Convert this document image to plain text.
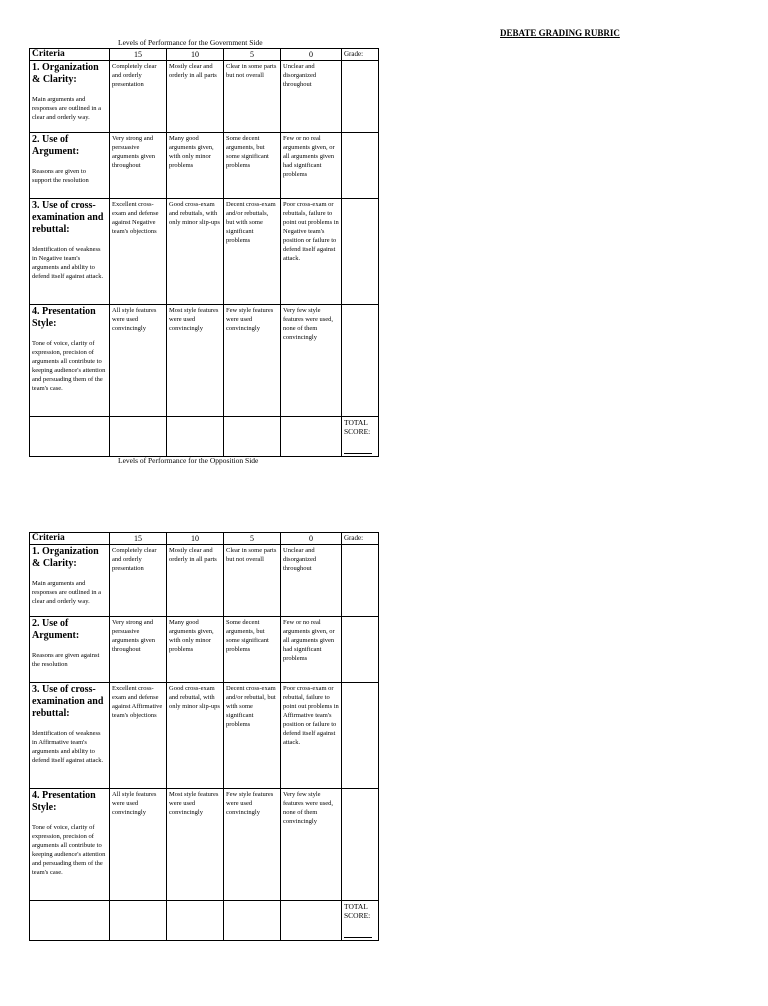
DEBATE GRADING RUBRIC
Levels of Performance for the Government Side
Criteria	15	10	5	0	Grade:

1. Organization & Clarity:
Main arguments and responses are outlined in a clear and orderly way.	Completely clear and orderly presentation	Mostly clear and orderly in all parts	Clear in some parts but not overall	Unclear and disorganized throughout	

2. Use of Argument:
Reasons are given to support the resolution	Very strong and persuasive arguments given throughout	Many good arguments given, with only minor problems	Some decent arguments, but some significant problems	Few or no real arguments given, or all arguments given had significant problems	

3. Use of cross-examination and rebuttal:
Identification of weakness in Negative team's arguments and ability to defend itself against attack.	Excellent cross-exam and defense against Negative team's objections	Good cross-exam and rebuttals, with only minor slip-ups	Decent cross-exam and/or rebuttals, but with some significant problems	Poor cross-exam or rebuttals, failure to point out problems in Negative team's position or failure to defend itself against attack.	

4. Presentation Style:
Tone of voice, clarity of expression, precision of arguments all contribute to keeping audience's attention and persuading them of the team's case.	All style features were used convincingly	Most style features were used convincingly	Few style features were used convincingly	Very few style features were used, none of them convincingly	
					TOTAL SCORE:
Levels of Performance for the Opposition Side
Criteria	15	10	5	0	Grade:

1. Organization & Clarity:
Main arguments and responses are outlined in a clear and orderly way.	Completely clear and orderly presentation	Mostly clear and orderly in all parts	Clear in some parts but not overall	Unclear and disorganized throughout	

2. Use of Argument:
Reasons are given against the resolution	Very strong and persuasive arguments given throughout	Many good arguments given, with only minor problems	Some decent arguments, but some significant problems	Few or no real arguments given, or all arguments given had significant problems	

3. Use of cross-examination and rebuttal:
Identification of weakness in Affirmative team's arguments and ability to defend itself against attack.	Excellent cross-exam and defense against Affirmative team's objections	Good cross-exam and rebuttal, with only minor slip-ups	Decent cross-exam and/or rebuttal, but with some significant problems	Poor cross-exam or rebuttal, failure to point out problems in Affirmative team's position or failure to defend itself against attack.	

4. Presentation Style:
Tone of voice, clarity of expression, precision of arguments all contribute to keeping audience's attention and persuading them of the team's case.	All style features were used convincingly	Most style features were used convincingly	Few style features were used convincingly	Very few style features were used, none of them convincingly	
					TOTAL SCORE:
